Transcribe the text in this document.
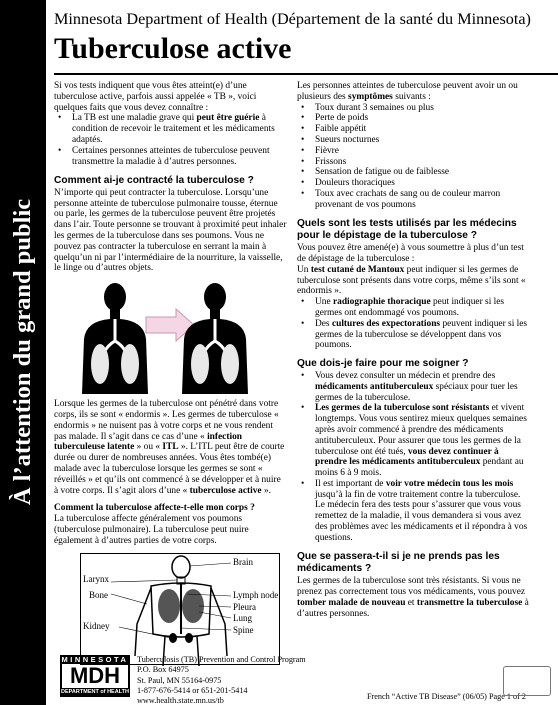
À l’attention du grand public
Minnesota Department of Health (Département de la santé du Minnesota)
Tuberculose active

Si vos tests indiquent que vous êtes atteint(e) d’une tuberculose active, parfois aussi appelée « TB », voici quelques faits que vous devez connaître :

• La TB est une maladie grave qui peut être guérie à condition de recevoir le traitement et les médicaments adaptés.
• Certaines personnes atteintes de tuberculose peuvent transmettre la maladie à d’autres personnes.
Comment ai-je contracté la tuberculose ?

N’importe qui peut contracter la tuberculose. Lorsqu’une personne atteinte de tuberculose pulmonaire tousse, éternue ou parle, les germes de la tuberculose peuvent être projetés dans l’air. Toute personne se trouvant à proximité peut inhaler les germes de la tuberculose dans ses poumons. Vous ne pouvez pas contracter la tuberculose en serrant la main à quelqu’un ni par l’intermédiaire de la nourriture, la vaisselle, le linge ou d’autres objets.

Lorsque les germes de la tuberculose ont pénétré dans votre corps, ils se sont « endormis ». Les germes de tuberculose « endormis » ne nuisent pas à votre corps et ne vous rendent pas malade. Il s’agit dans ce cas d’une « infection tuberculeuse latente » ou « ITL ». L’ITL peut être de courte durée ou durer de nombreuses années. Vous êtes tombé(e) malade avec la tuberculose lorsque les germes se sont « réveillés » et qu’ils ont commencé à se développer et à nuire à votre corps. Il s’agit alors d’une « tuberculose active ».

Comment la tuberculose affecte-t-elle mon corps ?

La tuberculose affecte généralement vos poumons (tuberculose pulmonaire). La tuberculose peut nuire également à d’autres parties de votre corps.

Brain
Larynx
Bone
Kidney
Lymph node
Pleura
Lung
Spine

Les personnes atteintes de tuberculose peuvent avoir un ou plusieurs des symptômes suivants :

• Toux durant 3 semaines ou plus
• Perte de poids
• Faible appétit
• Sueurs nocturnes
• Fièvre
• Frissons
• Sensation de fatigue ou de faiblesse
• Douleurs thoraciques
• Toux avec crachats de sang ou de couleur marron provenant de vos poumons
Quels sont les tests utilisés par les médecins pour le dépistage de la tuberculose ?

Vous pouvez être amené(e) à vous soumettre à plus d’un test de dépistage de la tuberculose :
Un test cutané de Mantoux peut indiquer si les germes de tuberculose sont présents dans votre corps, même s’ils sont « endormis ».

• Une radiographie thoracique peut indiquer si les germes ont endommagé vos poumons.
• Des cultures des expectorations peuvent indiquer si les germes de la tuberculose se développent dans vos poumons.
Que dois-je faire pour me soigner ?
• Vous devez consulter un médecin et prendre des médicaments antituberculeux spéciaux pour tuer les germes de la tuberculose.
• Les germes de la tuberculose sont résistants et vivent longtemps. Vous vous sentirez mieux quelques semaines après avoir commencé à prendre des médicaments antituberculeux. Pour assurer que tous les germes de la tuberculose ont été tués, vous devez continuer à prendre les médicaments antituberculeux pendant au moins 6 à 9 mois.
• Il est important de voir votre médecin tous les mois jusqu’à la fin de votre traitement contre la tuberculose. Le médecin fera des tests pour s’assurer que vous vous remettez de la maladie, il vous demandera si vous avez des problèmes avec les médicaments et il répondra à vos questions.
Que se passera-t-il si je ne prends pas les médicaments ?

Les germes de la tuberculose sont très résistants. Si vous ne prenez pas correctement tous vos médicaments, vous pouvez tomber malade de nouveau et transmettre la tuberculose à d’autres personnes.

MINNESOTA
MDH
DEPARTMENT of HEALTH
Tuberculosis (TB) Prevention and Control Program
P.O. Box 64975
St. Paul, MN 55164-0975
1-877-676-5414 or 651-201-5414
www.health.state.mn.us/tb	French “Active TB Disease” (06/05) Page 1 of 2
